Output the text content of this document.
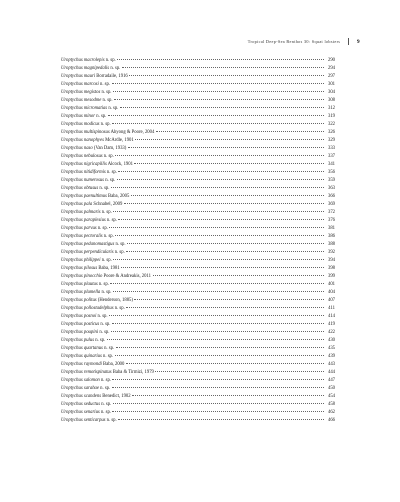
Tropical Deep-Sea Benthos 30: Squat lobsters	9
Uroptychus macrolepis n. sp.	290
Uroptychus magnipedalis n. sp.	294
Uroptychus mauri Borradaile, 1916	297
Uroptychus marcosi n. sp.	301
Uroptychus megistos n. sp.	304
Uroptychus mesodme n. sp.	308
Uroptychus micromatias n. sp.	312
Uroptychus minor n. sp.	319
Uroptychus modicus n. sp.	322
Uroptychus multispinosus Ahyong & Poore, 2004	326
Uroptychus nanophyes McArdle, 1901	329
Uroptychus naso (Van Dam, 1933)	333
Uroptychus nebulosus n. sp.	337
Uroptychus nigricapillis Alcock, 1901	341
Uroptychus nitidiformis n. sp.	356
Uroptychus numerosus n. sp.	359
Uroptychus obtusus n. sp.	363
Uroptychus paenultimus Baba, 2005	366
Uroptychus pala Schnabel, 2009	369
Uroptychus palmaris n. sp.	372
Uroptychus paraplesius n. sp.	376
Uroptychus parvus n. sp.	381
Uroptychus pectoralis n. sp.	386
Uroptychus pedanomastigus n. sp.	388
Uroptychus perpendicularis n. sp.	392
Uroptychus philippei n. sp.	394
Uroptychus pilosus Baba, 1981	398
Uroptychus pinocchio Poore & Andreakis, 2011	399
Uroptychus plautus n. sp.	401
Uroptychus plumella n. sp.	404
Uroptychus politus (Henderson, 1885)	407
Uroptychus pollostadelphus n. sp.	411
Uroptychus posnoi n. sp.	414
Uroptychus posticus n. sp.	419
Uroptychus poupini n. sp.	422
Uroptychus pulus n. sp.	430
Uroptychus quartanus n. sp.	435
Uroptychus quinarius n. sp.	439
Uroptychus raymondi Baba, 2000	443
Uroptychus remotispinatus Baba & Tirmizi, 1979	444
Uroptychus salomon n. sp.	447
Uroptychus sarahae n. sp.	450
Uroptychus scandens Benedict, 1902	454
Uroptychus seductus n. sp.	458
Uroptychus senarius n. sp.	462
Uroptychus senticarpus n. sp.	466
